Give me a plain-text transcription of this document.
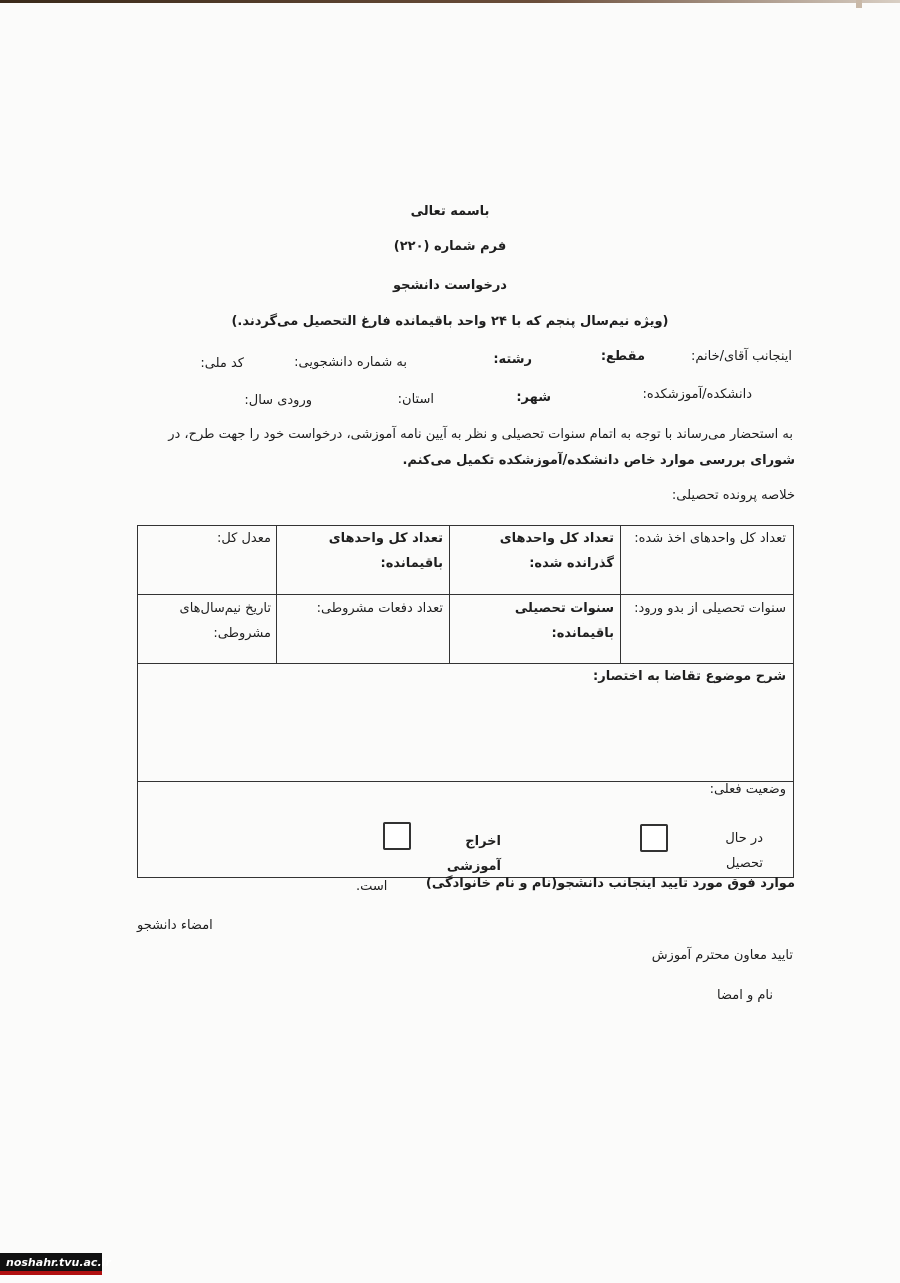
باسمه تعالی
فرم شماره (۲۲۰)
درخواست دانشجو
(ویژه نیم‌سال پنجم که با ۲۴ واحد باقیمانده فارغ التحصیل می‌گردند.)
اینجانب آقای/خانم:
مقطع:
رشته:
به شماره دانشجویی:
کد ملی:
دانشکده/آموزشکده:
شهر:
استان:
ورودی سال:
به استحضار می‌رساند با توجه به اتمام سنوات تحصیلی و نظر به آیین نامه آموزشی، درخواست خود را جهت طرح، در
شورای بررسی موارد خاص دانشکده/آموزشکده تکمیل می‌کنم.
خلاصه پرونده تحصیلی:
تعداد کل واحدهای اخذ شده:
تعداد کل واحدهای گذرانده شده:
تعداد کل واحدهای باقیمانده:
معدل کل:
سنوات تحصیلی از بدو ورود:
سنوات تحصیلی باقیمانده:
تعداد دفعات مشروطی:
تاریخ نیم‌سال‌های مشروطی:
شرح موضوع تقاضا به اختصار:
وضعیت فعلی:
در حال تحصیل
اخراج آموزشی
موارد فوق مورد تایید اینجانب دانشجو(نام و نام خانوادگی)
است.
امضاء دانشجو
تایید معاون محترم آموزش
نام و امضا
noshahr.tvu.ac.ir
